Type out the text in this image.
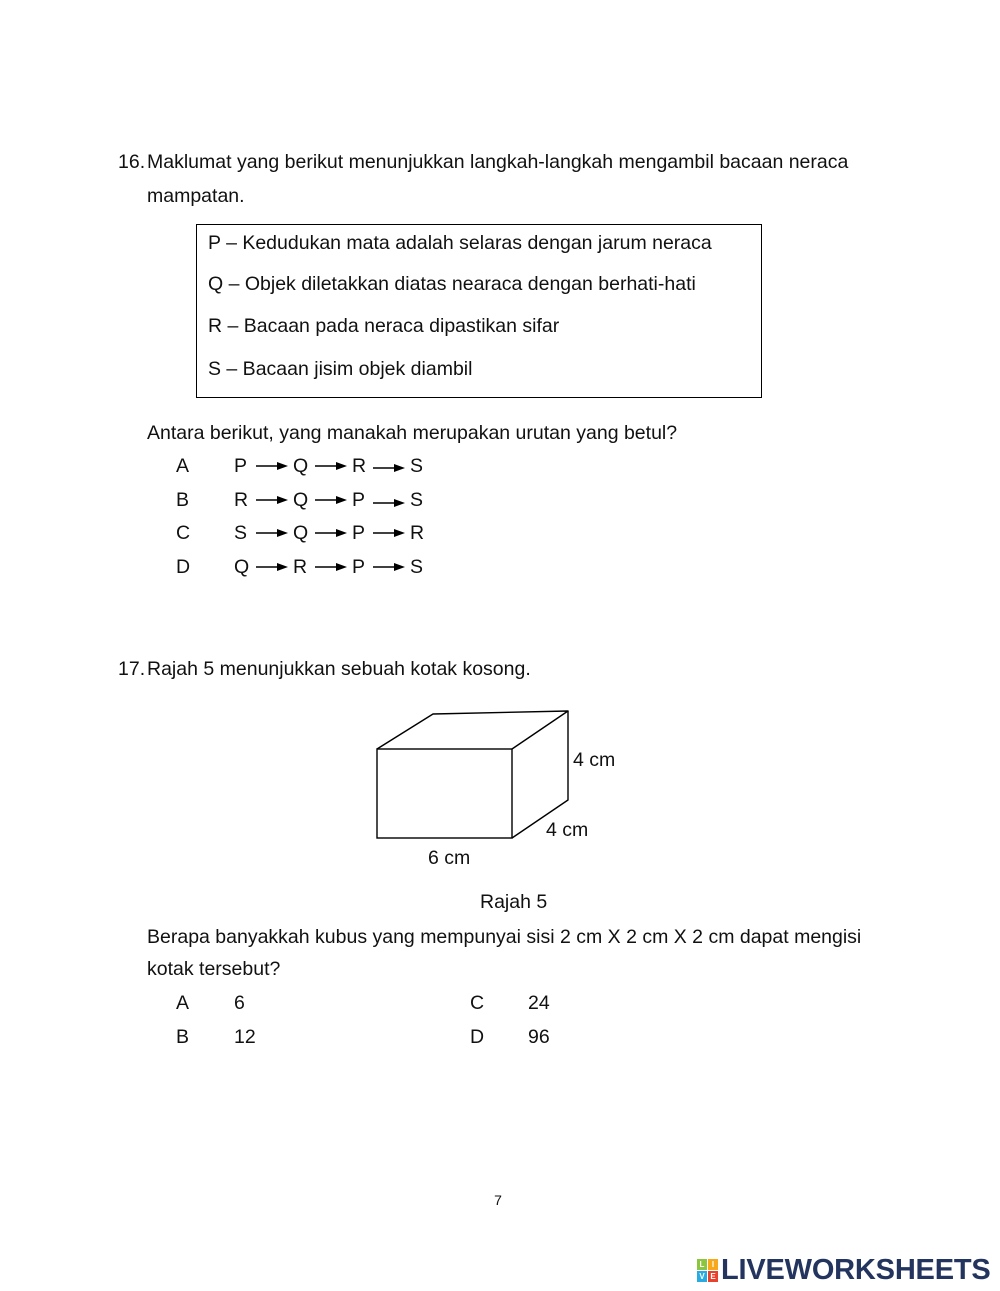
16. Maklumat yang berikut menunjukkan langkah-langkah mengambil bacaan neraca
mampatan.
P – Kedudukan mata adalah selaras dengan jarum neraca
Q – Objek diletakkan diatas nearaca dengan berhati-hati
R – Bacaan pada neraca dipastikan sifar
S – Bacaan jisim objek diambil
Antara berikut, yang manakah merupakan urutan yang betul?
A P Q R S
B R Q P S
C S Q P R
D Q R P S
17. Rajah 5 menunjukkan sebuah kotak kosong.
4 cm
4 cm
6 cm
Rajah 5
Berapa banyakkah kubus yang mempunyai sisi 2 cm X 2 cm X 2 cm dapat mengisi
kotak tersebut?
A 6	C 24
B 12	D 96
7
L I
V E LIVEWORKSHEETS
